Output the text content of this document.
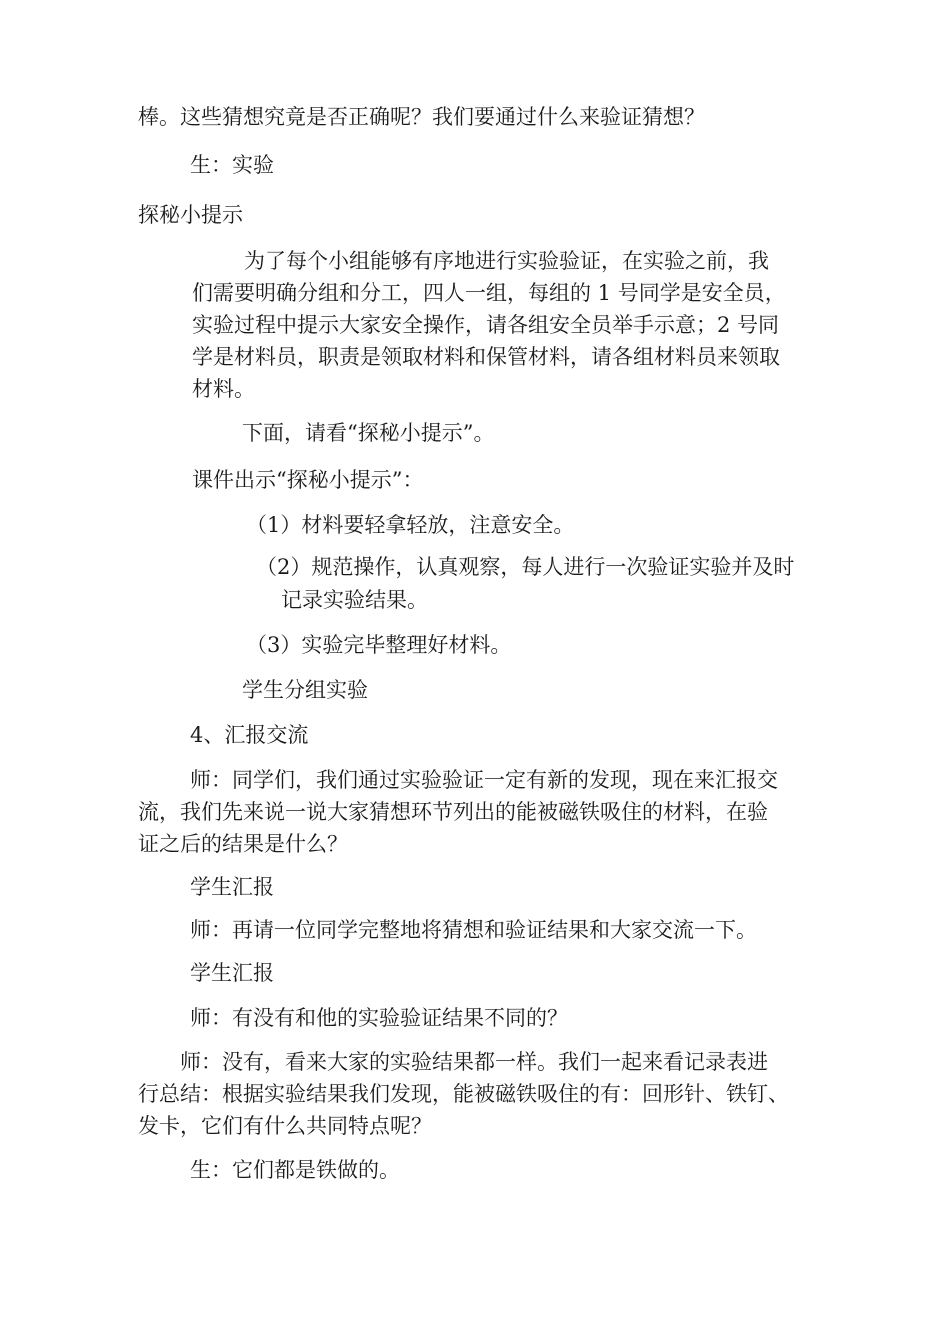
棒。这些猜想究竟是否正确呢？我们要通过什么来验证猜想？
生：实验
探秘小提示
为了每个小组能够有序地进行实验验证，在实验之前，我
们需要明确分组和分工，四人一组，每组的 1 号同学是安全员，
实验过程中提示大家安全操作，请各组安全员举手示意；2 号同
学是材料员，职责是领取材料和保管材料，请各组材料员来领取
材料。
下面，请看“探秘小提示”。
课件出示“探秘小提示”：
（1）材料要轻拿轻放，注意安全。
（2）规范操作，认真观察，每人进行一次验证实验并及时
记录实验结果。
（3）实验完毕整理好材料。
学生分组实验
4、汇报交流
师：同学们，我们通过实验验证一定有新的发现，现在来汇报交
流，我们先来说一说大家猜想环节列出的能被磁铁吸住的材料，在验
证之后的结果是什么？
学生汇报
师：再请一位同学完整地将猜想和验证结果和大家交流一下。
学生汇报
师：有没有和他的实验验证结果不同的？
师：没有，看来大家的实验结果都一样。我们一起来看记录表进
行总结：根据实验结果我们发现，能被磁铁吸住的有：回形针、铁钉、
发卡，它们有什么共同特点呢？
生：它们都是铁做的。
